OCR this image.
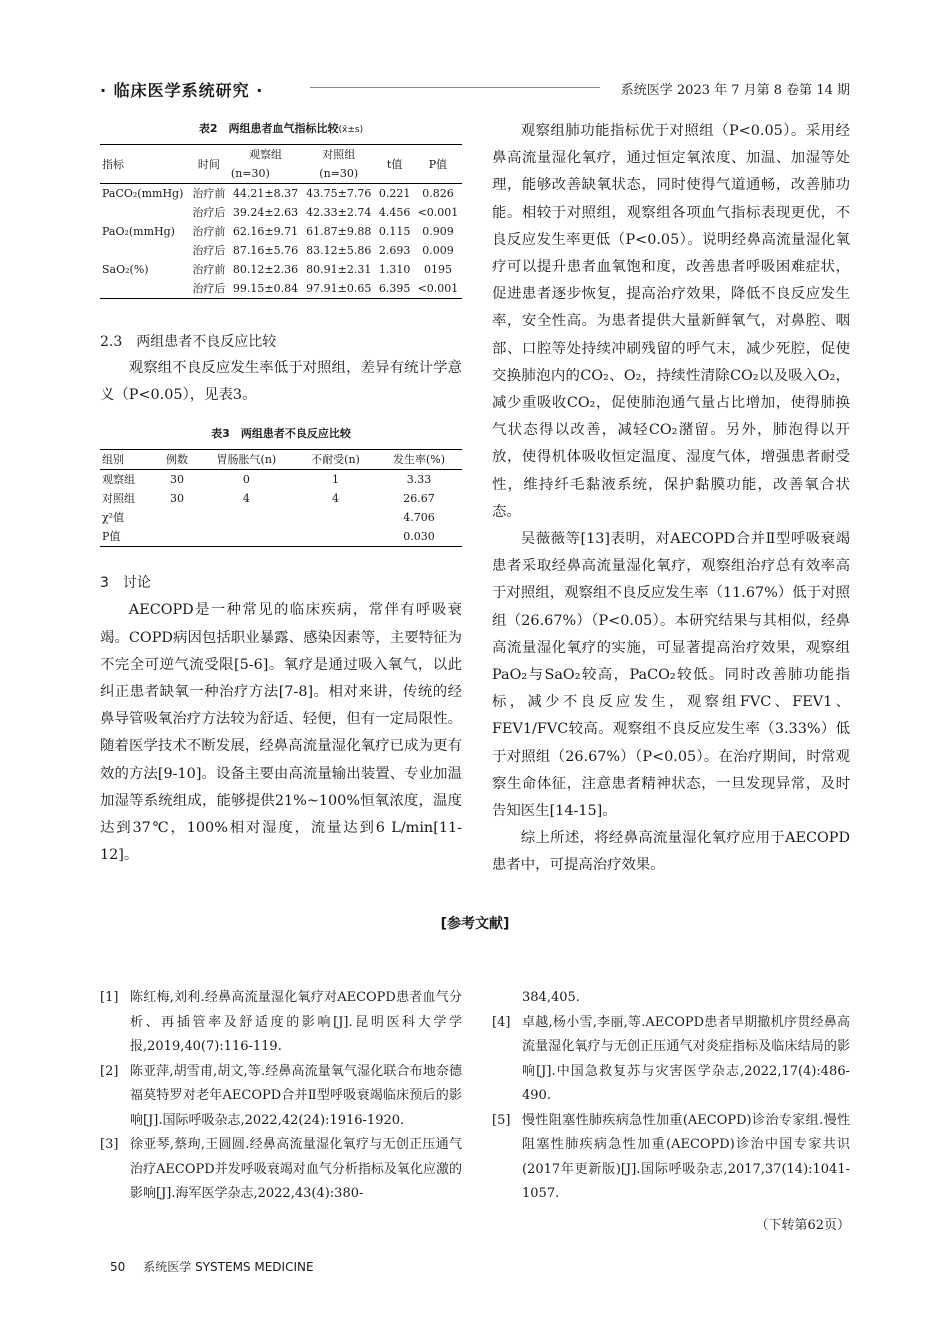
· 临床医学系统研究 ·	系统医学 2023 年 7 月第 8 卷第 14 期
表2　两组患者血气指标比较(x̄±s)
指标	时间	观察组	对照组	t值	P值
		(n=30)	(n=30)		
PaCO₂(mmHg)	治疗前	44.21±8.37	43.75±7.76	0.221	0.826
	治疗后	39.24±2.63	42.33±2.74	4.456	<0.001
PaO₂(mmHg)	治疗前	62.16±9.71	61.87±9.88	0.115	0.909
	治疗后	87.16±5.76	83.12±5.86	2.693	0.009
SaO₂(%)	治疗前	80.12±2.36	80.91±2.31	1.310	0195
	治疗后	99.15±0.84	97.91±0.65	6.395	<0.001

2.3　两组患者不良反应比较

观察组不良反应发生率低于对照组，差异有统计学意义（P<0.05），见表3。

表3　两组患者不良反应比较
组别	例数	胃肠胀气(n)	不耐受(n)	发生率(%)
观察组	30	0	1	3.33
对照组	30	4	4	26.67
χ²值				4.706
P值				0.030

3　讨论

AECOPD是一种常见的临床疾病，常伴有呼吸衰竭。COPD病因包括职业暴露、感染因素等，主要特征为不完全可逆气流受限[5-6]。氧疗是通过吸入氧气，以此纠正患者缺氧一种治疗方法[7-8]。相对来讲，传统的经鼻导管吸氧治疗方法较为舒适、轻便，但有一定局限性。随着医学技术不断发展，经鼻高流量湿化氧疗已成为更有效的方法[9-10]。设备主要由高流量输出装置、专业加温加湿等系统组成，能够提供21%~100%恒氧浓度，温度达到37℃，100%相对湿度，流量达到6 L/min[11-12]。

观察组肺功能指标优于对照组（P<0.05）。采用经鼻高流量湿化氧疗，通过恒定氧浓度、加温、加湿等处理，能够改善缺氧状态，同时使得气道通畅，改善肺功能。相较于对照组，观察组各项血气指标表现更优，不良反应发生率更低（P<0.05）。说明经鼻高流量湿化氧疗可以提升患者血氧饱和度，改善患者呼吸困难症状，促进患者逐步恢复，提高治疗效果，降低不良反应发生率，安全性高。为患者提供大量新鲜氧气，对鼻腔、咽部、口腔等处持续冲刷残留的呼气末，减少死腔，促使交换肺泡内的CO₂、O₂，持续性清除CO₂以及吸入O₂，减少重吸收CO₂，促使肺泡通气量占比增加，使得肺换气状态得以改善，减轻CO₂潴留。另外，肺泡得以开放，使得机体吸收恒定温度、湿度气体，增强患者耐受性，维持纤毛黏液系统，保护黏膜功能，改善氧合状态。

吴薇薇等[13]表明，对AECOPD合并Ⅱ型呼吸衰竭患者采取经鼻高流量湿化氧疗，观察组治疗总有效率高于对照组，观察组不良反应发生率（11.67%）低于对照组（26.67%）（P<0.05）。本研究结果与其相似，经鼻高流量湿化氧疗的实施，可显著提高治疗效果，观察组PaO₂与SaO₂较高，PaCO₂较低。同时改善肺功能指标，减少不良反应发生，观察组FVC、FEV1、FEV1/FVC较高。观察组不良反应发生率（3.33%）低于对照组（26.67%）（P<0.05）。在治疗期间，时常观察生命体征，注意患者精神状态，一旦发现异常，及时告知医生[14-15]。

综上所述，将经鼻高流量湿化氧疗应用于AECOPD患者中，可提高治疗效果。

[参考文献]
[1] 陈红梅,刘利.经鼻高流量湿化氧疗对AECOPD患者血气分析、再插管率及舒适度的影响[J].昆明医科大学学报,2019,40(7):116-119.
[2] 陈亚萍,胡雪甫,胡文,等.经鼻高流量氧气湿化联合布地奈德福莫特罗对老年AECOPD合并Ⅱ型呼吸衰竭临床预后的影响[J].国际呼吸杂志,2022,42(24):1916-1920.
[3] 徐亚琴,蔡珣,王圆圆.经鼻高流量湿化氧疗与无创正压通气治疗AECOPD并发呼吸衰竭对血气分析指标及氧化应激的影响[J].海军医学杂志,2022,43(4):380-
384,405.
[4] 卓越,杨小雪,李丽,等.AECOPD患者早期撤机序贯经鼻高流量湿化氧疗与无创正压通气对炎症指标及临床结局的影响[J].中国急救复苏与灾害医学杂志,2022,17(4):486-490.
[5] 慢性阻塞性肺疾病急性加重(AECOPD)诊治专家组.慢性阻塞性肺疾病急性加重(AECOPD)诊治中国专家共识(2017年更新版)[J].国际呼吸杂志,2017,37(14):1041-1057.
（下转第62页）
50 系统医学 SYSTEMS MEDICINE
